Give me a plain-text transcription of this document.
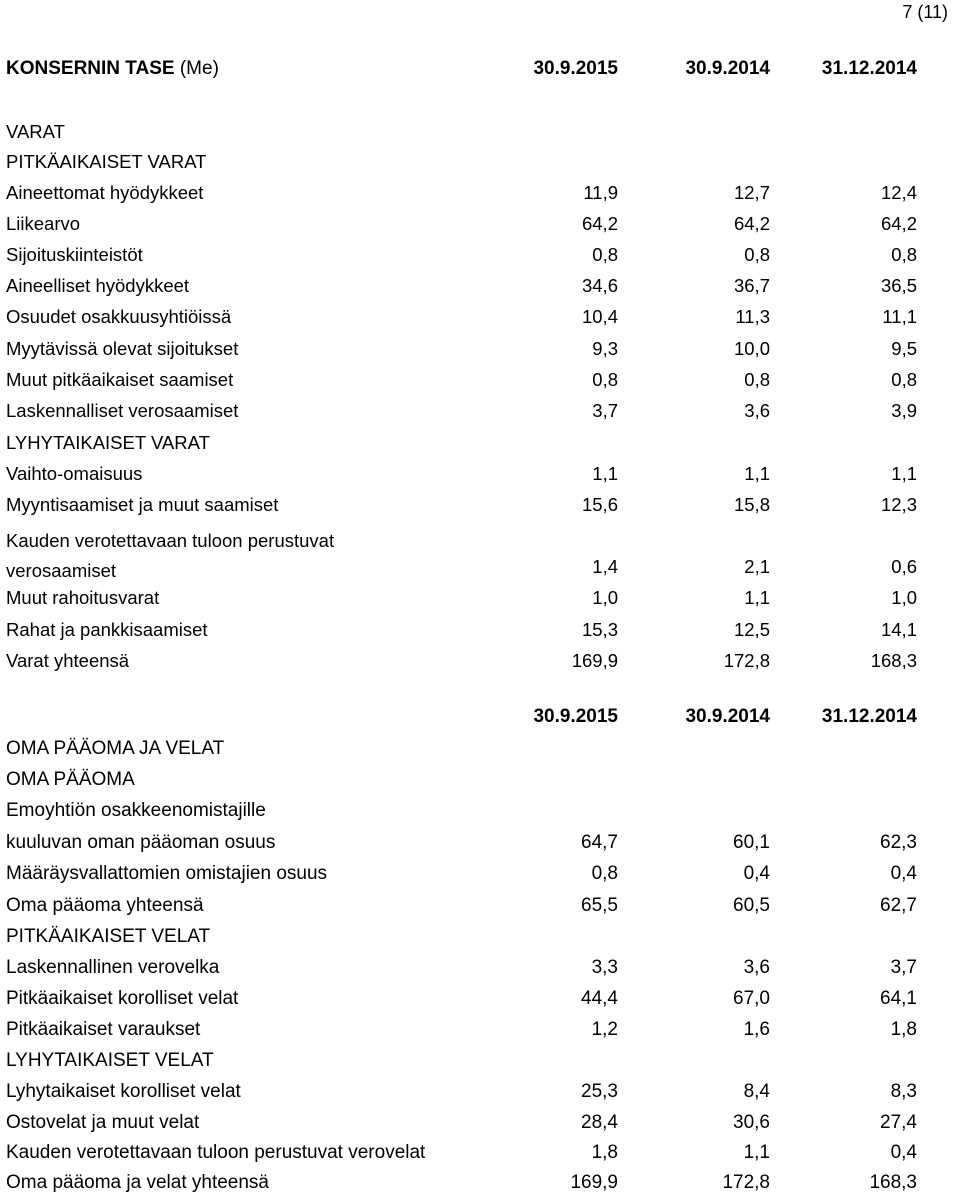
7 (11)
KONSERNIN TASE (Me)	30.9.2015	30.9.2014	31.12.2014
VARAT
PITKÄAIKAISET VARAT
Aineettomat hyödykkeet	11,9	12,7	12,4
Liikearvo	64,2	64,2	64,2
Sijoituskiinteistöt	0,8	0,8	0,8
Aineelliset hyödykkeet	34,6	36,7	36,5
Osuudet osakkuusyhtiöissä	10,4	11,3	11,1
Myytävissä olevat sijoitukset	9,3	10,0	9,5
Muut pitkäaikaiset saamiset	0,8	0,8	0,8
Laskennalliset verosaamiset	3,7	3,6	3,9
LYHYTAIKAISET VARAT
Vaihto-omaisuus	1,1	1,1	1,1
Myyntisaamiset ja muut saamiset	15,6	15,8	12,3
Kauden verotettavaan tuloon perustuvat
verosaamiset	1,4	2,1	0,6
Muut rahoitusvarat	1,0	1,1	1,0
Rahat ja pankkisaamiset	15,3	12,5	14,1
Varat yhteensä	169,9	172,8	168,3
30.9.2015	30.9.2014	31.12.2014
OMA PÄÄOMA JA VELAT
OMA PÄÄOMA
Emoyhtiön osakkeenomistajille
kuuluvan oman pääoman osuus	64,7	60,1	62,3
Määräysvallattomien omistajien osuus	0,8	0,4	0,4
Oma pääoma yhteensä	65,5	60,5	62,7
PITKÄAIKAISET VELAT
Laskennallinen verovelka	3,3	3,6	3,7
Pitkäaikaiset korolliset velat	44,4	67,0	64,1
Pitkäaikaiset varaukset	1,2	1,6	1,8
LYHYTAIKAISET VELAT
Lyhytaikaiset korolliset velat	25,3	8,4	8,3
Ostovelat ja muut velat	28,4	30,6	27,4
Kauden verotettavaan tuloon perustuvat verovelat	1,8	1,1	0,4
Oma pääoma ja velat yhteensä	169,9	172,8	168,3
